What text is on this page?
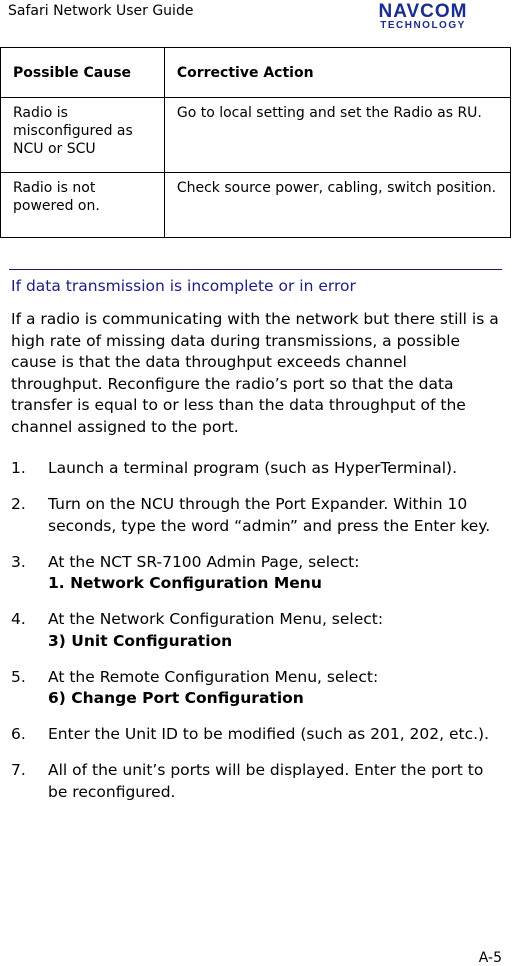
Safari Network User Guide	NAVCOM
TECHNOLOGY
Possible Cause	Corrective Action

Radio is misconfigured as NCU or SCU	Go to local setting and set the Radio as RU.

Radio is not powered on.	Check source power, cabling, switch position.
If data transmission is incomplete or in error
If a radio is communicating with the network but there still is a high rate of missing data during transmissions, a possible cause is that the data throughput exceeds channel throughput. Reconfigure the radio’s port so that the data transfer is equal to or less than the data throughput of the channel assigned to the port.
1. Launch a terminal program (such as HyperTerminal).
2. Turn on the NCU through the Port Expander. Within 10 seconds, type the word “admin” and press the Enter key.
3. At the NCT SR-7100 Admin Page, select:
1. Network Configuration Menu
4. At the Network Configuration Menu, select:
3) Unit Configuration
5. At the Remote Configuration Menu, select:
6) Change Port Configuration
6. Enter the Unit ID to be modified (such as 201, 202, etc.).
7. All of the unit’s ports will be displayed. Enter the port to be reconfigured.
A-5
